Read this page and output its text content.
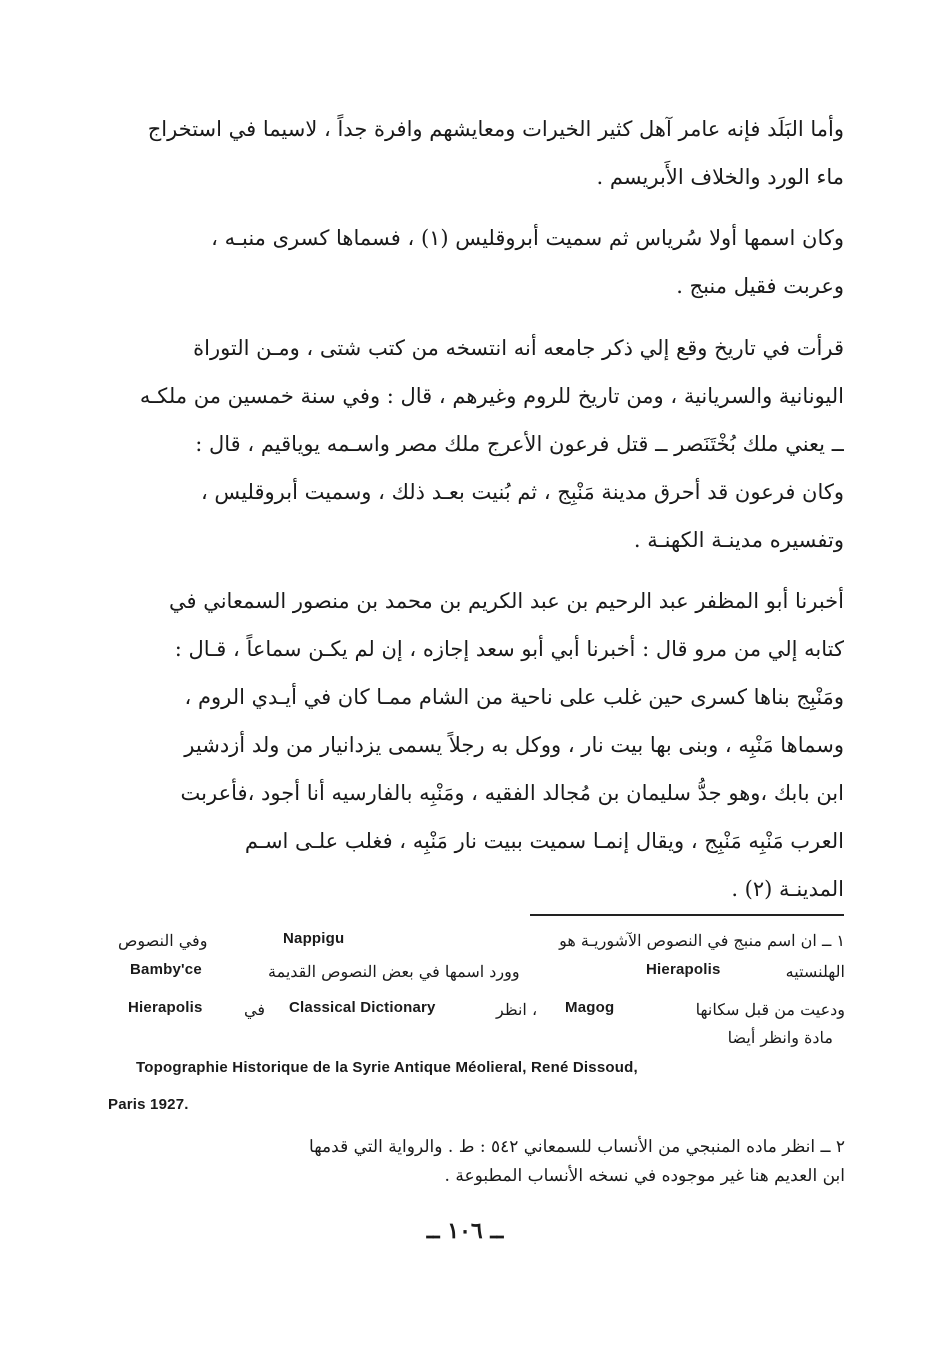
وأما البَلَد فإنه عامر آهل كثير الخيرات ومعايشهم وافرة جداً ، لاسيما في استخراج
ماء الورد والخلاف الأَبريسم .
وكان اسمها أولا سُرياس ثم سميت أبروقليس (١) ، فسماها كسرى منبـه ،
وعربت فقيل منبج .
قرأت في تاريخ وقع إلي ذكر جامعه أنه انتسخه من كتب شتى ، ومـن التوراة
اليونانية والسريانية ، ومن تاريخ للروم وغيرهم ، قال : وفي سنة خمسين من ملكـه
ــ يعني ملك بُخْتَنَصر ــ قتل فرعون الأعرج ملك مصر واسـمه يوياقيم ، قال :
وكان فرعون قد أحرق مدينة مَنْبِج ، ثم بُنيت بعـد ذلك ، وسميت أبروقليس ،
وتفسيره مدينـة الكهنـة .
أخبرنا أبو المظفر عبد الرحيم بن عبد الكريم بن محمد بن منصور السمعاني في
كتابه إلي من مرو قال : أخبرنا أبي أبو سعد إجازه ، إن لم يكـن سماعاً ، قـال :
ومَنْبِج بناها كسرى حين غلب على ناحية من الشام ممـا كان في أيـدي الروم ،
وسماها مَنْبِه ، وبنى بها بيت نار ، ووكل به رجلاً يسمى يزدانيار من ولد أزدشير
ابن بابك ،وهو جدُّ سليمان بن مُجالد الفقيه ، ومَنْبِه بالفارسيه أنا أجود ،فأعربت
العرب مَنْبِه مَنْبِج ، ويقال إنمـا سميت ببيت نار مَنْبِه ، فغلب علـى اسـم
المدينـة (٢) .
١ ــ ان اسم منبج في النصوص الآشوريـة هو
Nappigu
وفي النصوص
الهلنستيه
Hierapolis
وورد اسمها في بعض النصوص القديمة
Bamby'ce
ودعيت من قبل سكانها
Magog
، انظر
Classical Dictionary
في
Hierapolis
مادة وانظر أيضا
Topographie Historique de la Syrie Antique Méolieral, René Dissoud,
Paris 1927.
٢ ــ انظر ماده المنبجي من الأنساب للسمعاني ٥٤٢ : ط . والرواية التي قدمها
ابن العديم هنا غير موجوده في نسخه الأنساب المطبوعة .
ــ ١٠٦ ــ
